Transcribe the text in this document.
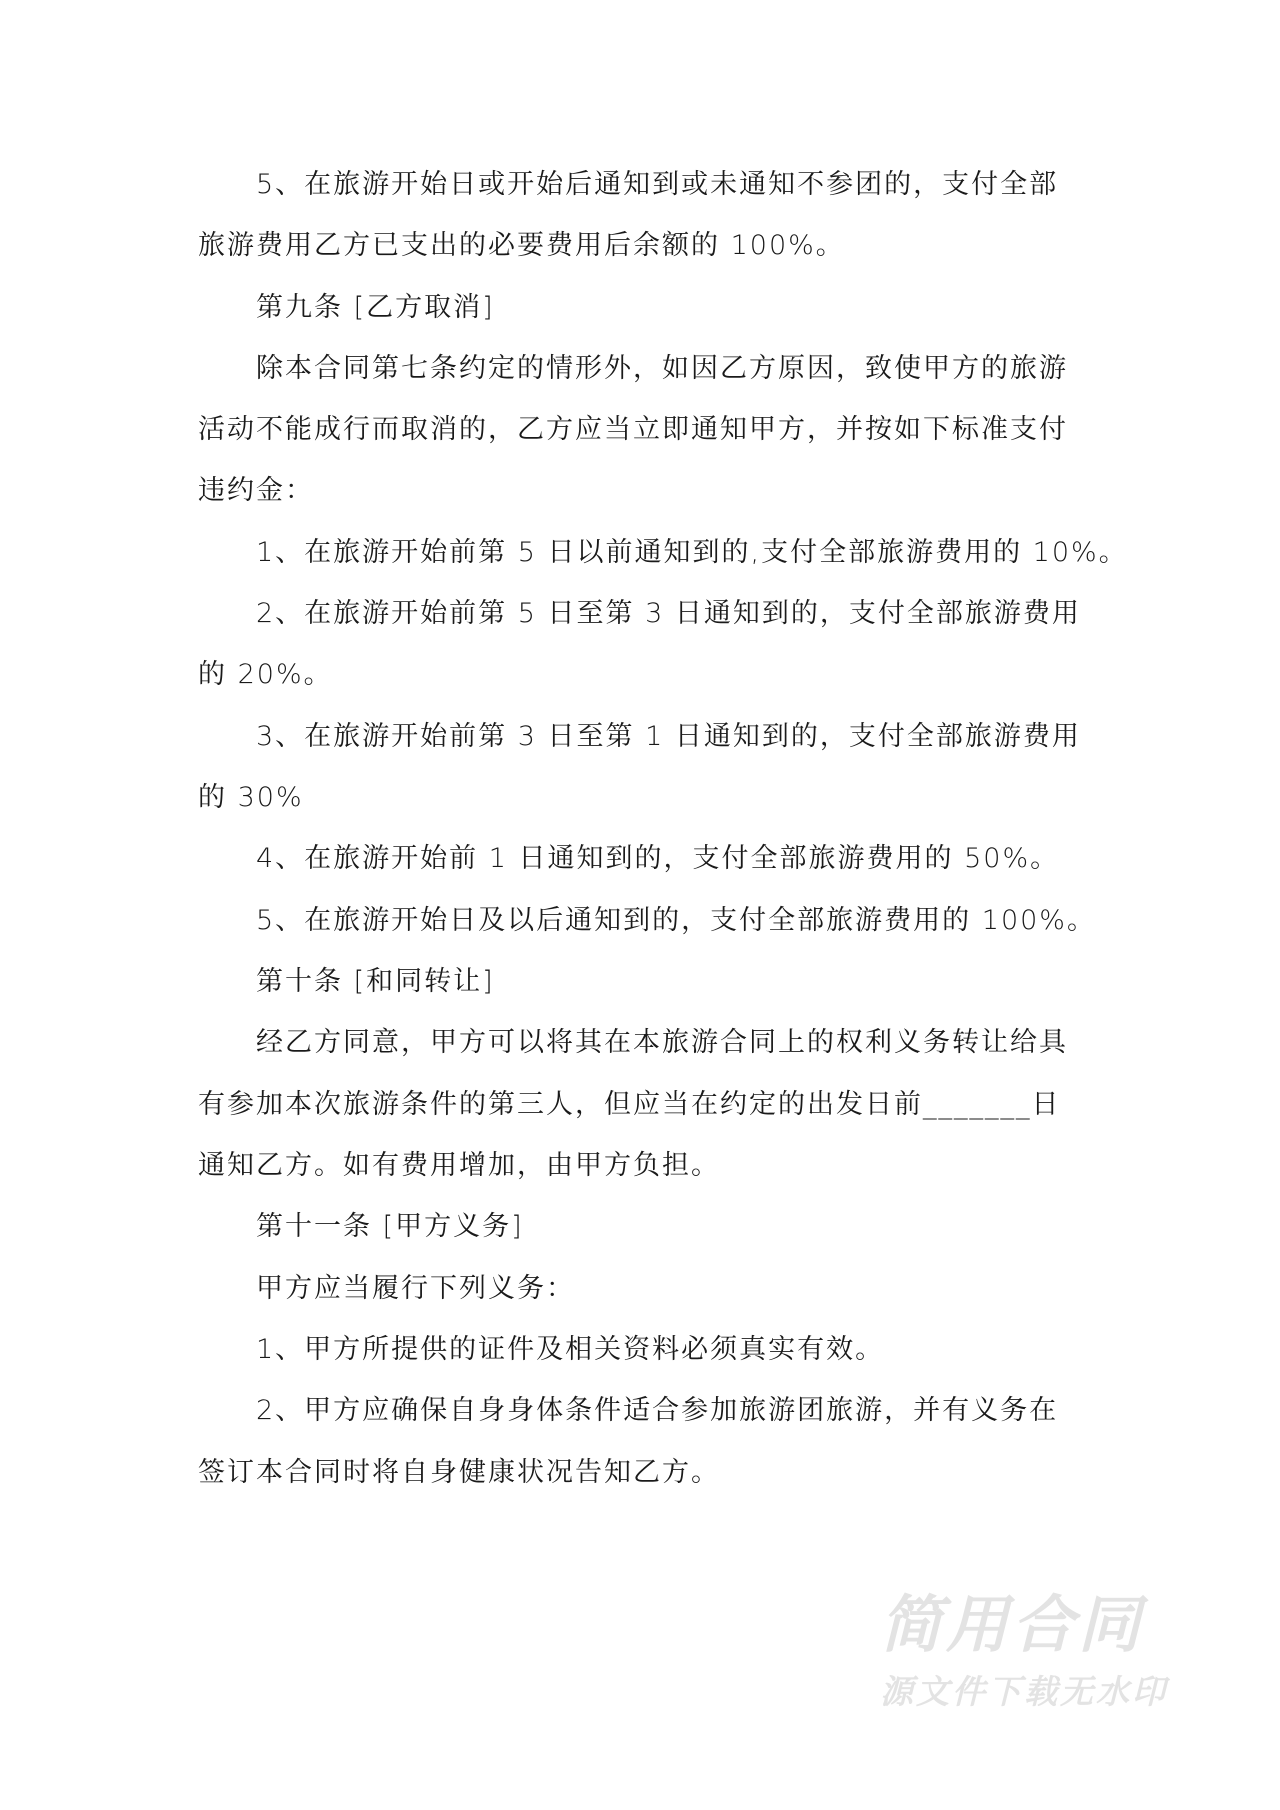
5、在旅游开始日或开始后通知到或未通知不参团的，支付全部
旅游费用乙方已支出的必要费用后余额的 100%。
第九条 [乙方取消]
除本合同第七条约定的情形外，如因乙方原因，致使甲方的旅游
活动不能成行而取消的，乙方应当立即通知甲方，并按如下标准支付
违约金：
1、在旅游开始前第 5 日以前通知到的,支付全部旅游费用的 10%。
2、在旅游开始前第 5 日至第 3 日通知到的，支付全部旅游费用
的 20%。
3、在旅游开始前第 3 日至第 1 日通知到的，支付全部旅游费用
的 30%
4、在旅游开始前 1 日通知到的，支付全部旅游费用的 50%。
5、在旅游开始日及以后通知到的，支付全部旅游费用的 100%。
第十条 [和同转让]
经乙方同意，甲方可以将其在本旅游合同上的权利义务转让给具
有参加本次旅游条件的第三人，但应当在约定的出发日前_______日
通知乙方。如有费用增加，由甲方负担。
第十一条 [甲方义务]
甲方应当履行下列义务：
1、甲方所提供的证件及相关资料必须真实有效。
2、甲方应确保自身身体条件适合参加旅游团旅游，并有义务在
签订本合同时将自身健康状况告知乙方。
简用合同
源文件下载无水印
